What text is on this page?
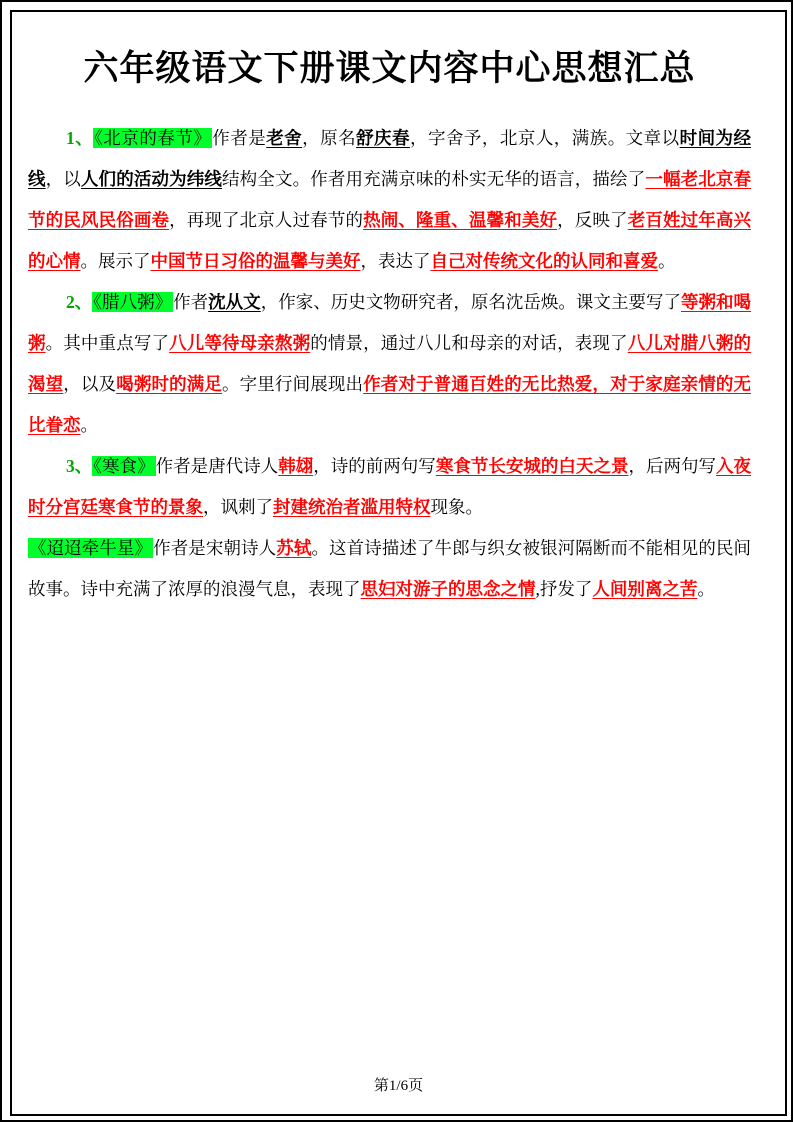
六年级语文下册课文内容中心思想汇总

1、《北京的春节》作者是老舍，原名舒庆春，字舍予，北京人，满族。文章以时间为经线，以人们的活动为纬线结构全文。作者用充满京味的朴实无华的语言，描绘了一幅老北京春节的民风民俗画卷，再现了北京人过春节的热闹、隆重、温馨和美好，反映了老百姓过年高兴的心情。展示了中国节日习俗的温馨与美好，表达了自己对传统文化的认同和喜爱。

2、《腊八粥》作者沈从文，作家、历史文物研究者，原名沈岳焕。课文主要写了等粥和喝粥。其中重点写了八儿等待母亲熬粥的情景，通过八儿和母亲的对话，表现了八儿对腊八粥的渴望，以及喝粥时的满足。字里行间展现出作者对于普通百姓的无比热爱，对于家庭亲情的无比眷恋。

3、《寒食》作者是唐代诗人韩翃，诗的前两句写寒食节长安城的白天之景，后两句写入夜时分宫廷寒食节的景象，讽刺了封建统治者滥用特权现象。

《迢迢牵牛星》作者是宋朝诗人苏轼。这首诗描述了牛郎与织女被银河隔断而不能相见的民间故事。诗中充满了浓厚的浪漫气息，表现了思妇对游子的思念之情,抒发了人间别离之苦。

第1/6页
